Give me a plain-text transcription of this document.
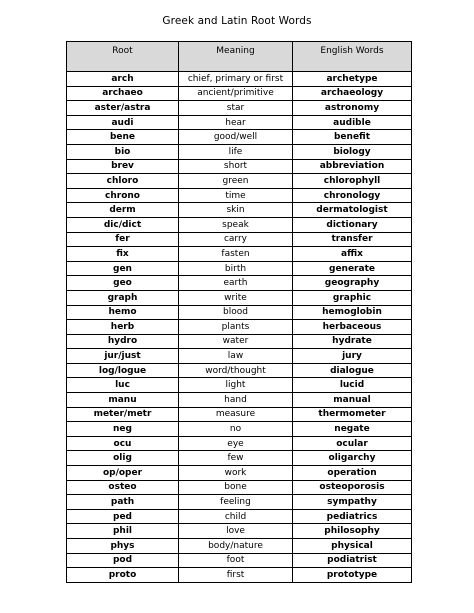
Greek and Latin Root Words
Root	Meaning	English Words
arch	chief, primary or first	archetype
archaeo	ancient/primitive	archaeology
aster/astra	star	astronomy
audi	hear	audible
bene	good/well	benefit
bio	life	biology
brev	short	abbreviation
chloro	green	chlorophyll
chrono	time	chronology
derm	skin	dermatologist
dic/dict	speak	dictionary
fer	carry	transfer
fix	fasten	affix
gen	birth	generate
geo	earth	geography
graph	write	graphic
hemo	blood	hemoglobin
herb	plants	herbaceous
hydro	water	hydrate
jur/just	law	jury
log/logue	word/thought	dialogue
luc	light	lucid
manu	hand	manual
meter/metr	measure	thermometer
neg	no	negate
ocu	eye	ocular
olig	few	oligarchy
op/oper	work	operation
osteo	bone	osteoporosis
path	feeling	sympathy
ped	child	pediatrics
phil	love	philosophy
phys	body/nature	physical
pod	foot	podiatrist
proto	first	prototype
